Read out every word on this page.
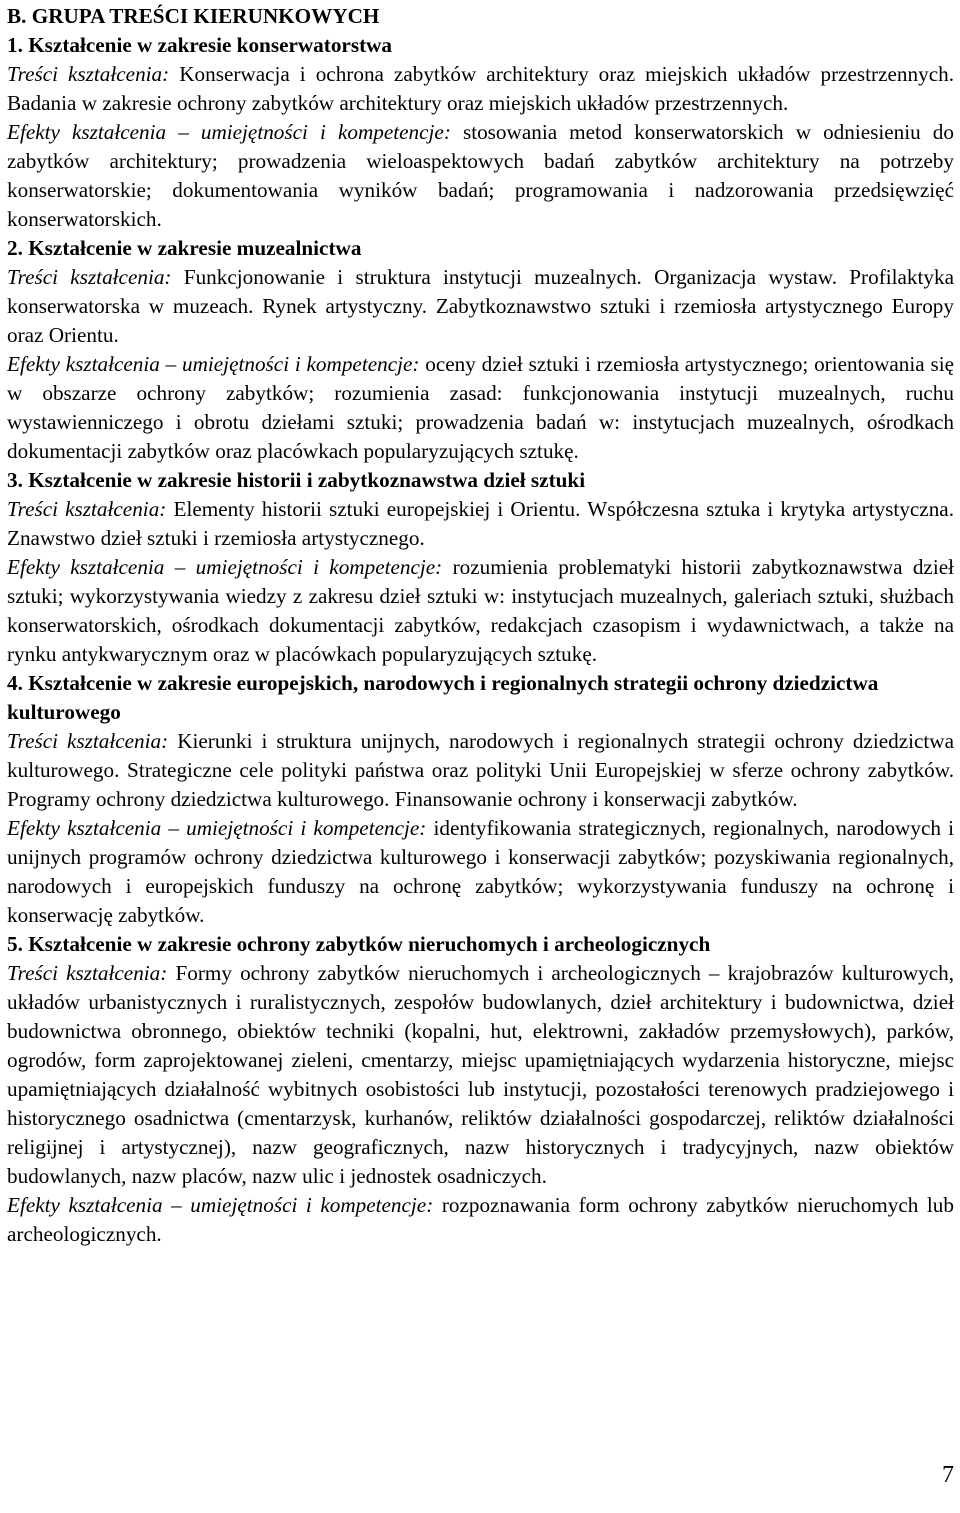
B. GRUPA TREŚCI KIERUNKOWYCH

1. Kształcenie w zakresie konserwatorstwa

Treści kształcenia: Konserwacja i ochrona zabytków architektury oraz miejskich układów przestrzennych. Badania w zakresie ochrony zabytków architektury oraz miejskich układów przestrzennych.

Efekty kształcenia – umiejętności i kompetencje: stosowania metod konserwatorskich w odniesieniu do zabytków architektury; prowadzenia wieloaspektowych badań zabytków architektury na potrzeby konserwatorskie; dokumentowania wyników badań; programowania i nadzorowania przedsięwzięć konserwatorskich.

2. Kształcenie w zakresie muzealnictwa

Treści kształcenia: Funkcjonowanie i struktura instytucji muzealnych. Organizacja wystaw. Profilaktyka konserwatorska w muzeach. Rynek artystyczny. Zabytkoznawstwo sztuki i rzemiosła artystycznego Europy oraz Orientu.

Efekty kształcenia – umiejętności i kompetencje: oceny dzieł sztuki i rzemiosła artystycznego; orientowania się w obszarze ochrony zabytków; rozumienia zasad: funkcjonowania instytucji muzealnych, ruchu wystawienniczego i obrotu dziełami sztuki; prowadzenia badań w: instytucjach muzealnych, ośrodkach dokumentacji zabytków oraz placówkach popularyzujących sztukę.

3. Kształcenie w zakresie historii i zabytkoznawstwa dzieł sztuki

Treści kształcenia: Elementy historii sztuki europejskiej i Orientu. Współczesna sztuka i krytyka artystyczna. Znawstwo dzieł sztuki i rzemiosła artystycznego.

Efekty kształcenia – umiejętności i kompetencje: rozumienia problematyki historii zabytkoznawstwa dzieł sztuki; wykorzystywania wiedzy z zakresu dzieł sztuki w: instytucjach muzealnych, galeriach sztuki, służbach konserwatorskich, ośrodkach dokumentacji zabytków, redakcjach czasopism i wydawnictwach, a także na rynku antykwarycznym oraz w placówkach popularyzujących sztukę.

4. Kształcenie w zakresie europejskich, narodowych i regionalnych strategii ochrony dziedzictwa kulturowego

Treści kształcenia: Kierunki i struktura unijnych, narodowych i regionalnych strategii ochrony dziedzictwa kulturowego. Strategiczne cele polityki państwa oraz polityki Unii Europejskiej w sferze ochrony zabytków. Programy ochrony dziedzictwa kulturowego. Finansowanie ochrony i konserwacji zabytków.

Efekty kształcenia – umiejętności i kompetencje: identyfikowania strategicznych, regionalnych, narodowych i unijnych programów ochrony dziedzictwa kulturowego i konserwacji zabytków; pozyskiwania regionalnych, narodowych i europejskich funduszy na ochronę zabytków; wykorzystywania funduszy na ochronę i konserwację zabytków.

5. Kształcenie w zakresie ochrony zabytków nieruchomych i archeologicznych

Treści kształcenia: Formy ochrony zabytków nieruchomych i archeologicznych – krajobrazów kulturowych, układów urbanistycznych i ruralistycznych, zespołów budowlanych, dzieł architektury i budownictwa, dzieł budownictwa obronnego, obiektów techniki (kopalni, hut, elektrowni, zakładów przemysłowych), parków, ogrodów, form zaprojektowanej zieleni, cmentarzy, miejsc upamiętniających wydarzenia historyczne, miejsc upamiętniających działalność wybitnych osobistości lub instytucji, pozostałości terenowych pradziejowego i historycznego osadnictwa (cmentarzysk, kurhanów, reliktów działalności gospodarczej, reliktów działalności religijnej i artystycznej), nazw geograficznych, nazw historycznych i tradycyjnych, nazw obiektów budowlanych, nazw placów, nazw ulic i jednostek osadniczych.

Efekty kształcenia – umiejętności i kompetencje: rozpoznawania form ochrony zabytków nieruchomych lub archeologicznych.

7
